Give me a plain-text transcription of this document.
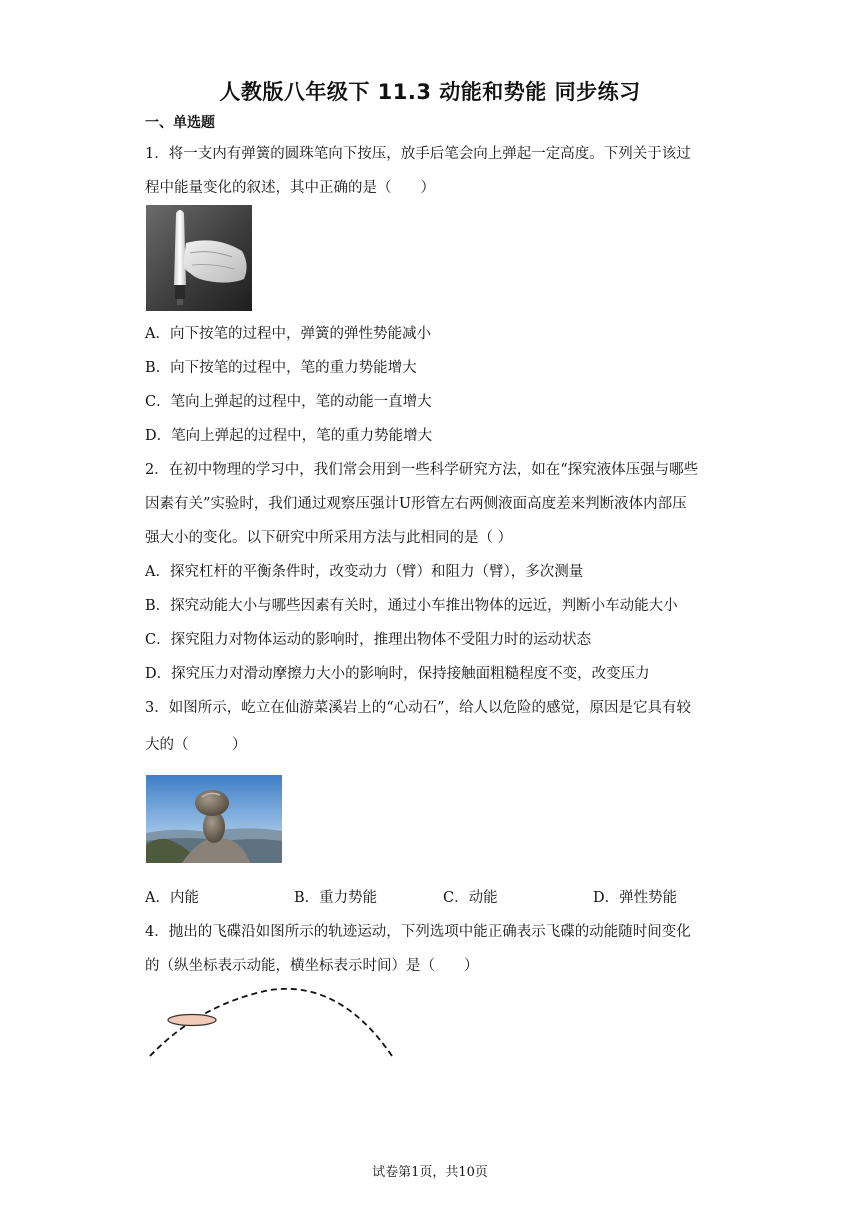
人教版八年级下 11.3 动能和势能 同步练习
一、单选题
1．将一支内有弹簧的圆珠笔向下按压，放手后笔会向上弹起一定高度。下列关于该过
程中能量变化的叙述，其中正确的是（　　）
A．向下按笔的过程中，弹簧的弹性势能减小
B．向下按笔的过程中，笔的重力势能增大
C．笔向上弹起的过程中，笔的动能一直增大
D．笔向上弹起的过程中，笔的重力势能增大
2．在初中物理的学习中，我们常会用到一些科学研究方法，如在“探究液体压强与哪些
因素有关”实验时，我们通过观察压强计U形管左右两侧液面高度差来判断液体内部压
强大小的变化。以下研究中所采用方法与此相同的是（ ）
A．探究杠杆的平衡条件时，改变动力（臂）和阻力（臂），多次测量
B．探究动能大小与哪些因素有关时，通过小车推出物体的远近，判断小车动能大小
C．探究阻力对物体运动的影响时，推理出物体不受阻力时的运动状态
D．探究压力对滑动摩擦力大小的影响时，保持接触面粗糙程度不变，改变压力
3．如图所示，屹立在仙游菜溪岩上的“心动石”，给人以危险的感觉，原因是它具有较
大的（　　　）
A．内能	B．重力势能	C．动能	D．弹性势能
4．抛出的飞碟沿如图所示的轨迹运动，下列选项中能正确表示飞碟的动能随时间变化
的（纵坐标表示动能，横坐标表示时间）是（　　）
试卷第1页，共10页
